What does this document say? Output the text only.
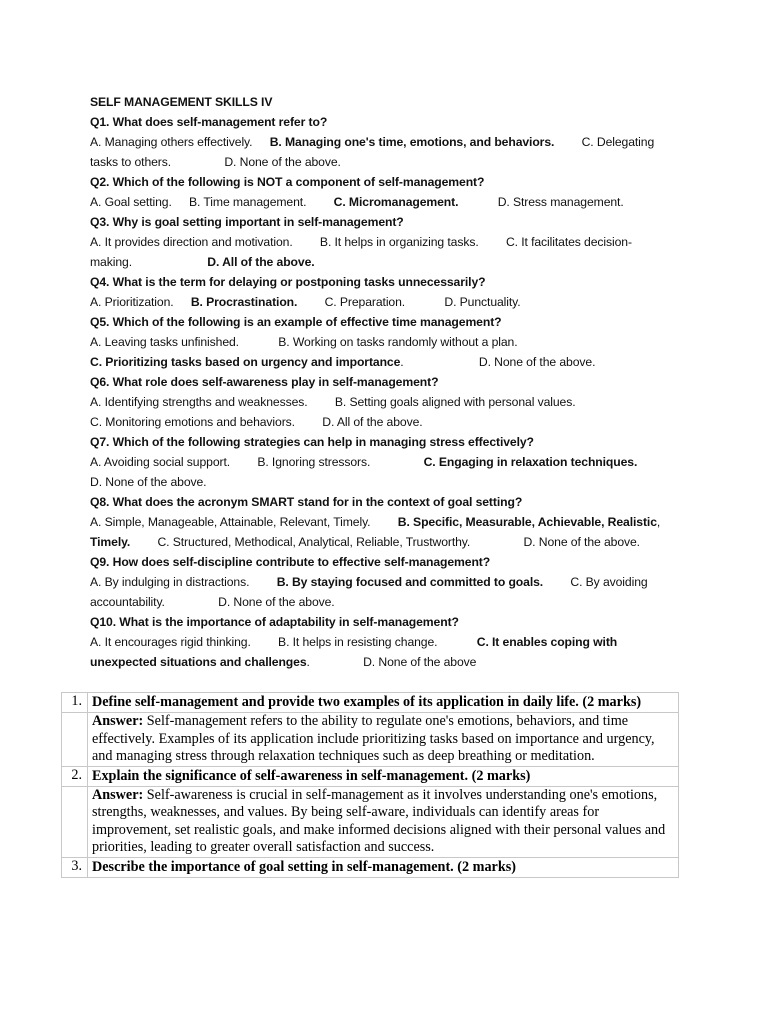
SELF MANAGEMENT SKILLS IV
Q1. What does self-management refer to?
A. Managing others effectively. B. Managing one's time, emotions, and behaviors. C. Delegating
tasks to others.	D. None of the above.
Q2. Which of the following is NOT a component of self-management?
A. Goal setting. B. Time management. C. Micromanagement.	D. Stress management.
Q3. Why is goal setting important in self-management?
A. It provides direction and motivation. B. It helps in organizing tasks. C. It facilitates decision-
making.	D. All of the above.
Q4. What is the term for delaying or postponing tasks unnecessarily?
A. Prioritization. B. Procrastination. C. Preparation.	D. Punctuality.
Q5. Which of the following is an example of effective time management?
A. Leaving tasks unfinished.	B. Working on tasks randomly without a plan.
C. Prioritizing tasks based on urgency and importance.	D. None of the above.
Q6. What role does self-awareness play in self-management?
A. Identifying strengths and weaknesses. B. Setting goals aligned with personal values.
C. Monitoring emotions and behaviors. D. All of the above.
Q7. Which of the following strategies can help in managing stress effectively?
A. Avoiding social support. B. Ignoring stressors.	C. Engaging in relaxation techniques.
D. None of the above.
Q8. What does the acronym SMART stand for in the context of goal setting?
A. Simple, Manageable, Attainable, Relevant, Timely. B. Specific, Measurable, Achievable, Realistic,
Timely. C. Structured, Methodical, Analytical, Reliable, Trustworthy.	D. None of the above.
Q9. How does self-discipline contribute to effective self-management?
A. By indulging in distractions. B. By staying focused and committed to goals. C. By avoiding
accountability.	D. None of the above.
Q10. What is the importance of adaptability in self-management?
A. It encourages rigid thinking. B. It helps in resisting change.	C. It enables coping with
unexpected situations and challenges.	D. None of the above
1.	Define self-management and provide two examples of its application in daily life. (2 marks)
	Answer: Self-management refers to the ability to regulate one's emotions, behaviors, and time effectively. Examples of its application include prioritizing tasks based on importance and urgency, and managing stress through relaxation techniques such as deep breathing or meditation.
2.	Explain the significance of self-awareness in self-management. (2 marks)
	Answer: Self-awareness is crucial in self-management as it involves understanding one's emotions, strengths, weaknesses, and values. By being self-aware, individuals can identify areas for improvement, set realistic goals, and make informed decisions aligned with their personal values and priorities, leading to greater overall satisfaction and success.
3.	Describe the importance of goal setting in self-management. (2 marks)
